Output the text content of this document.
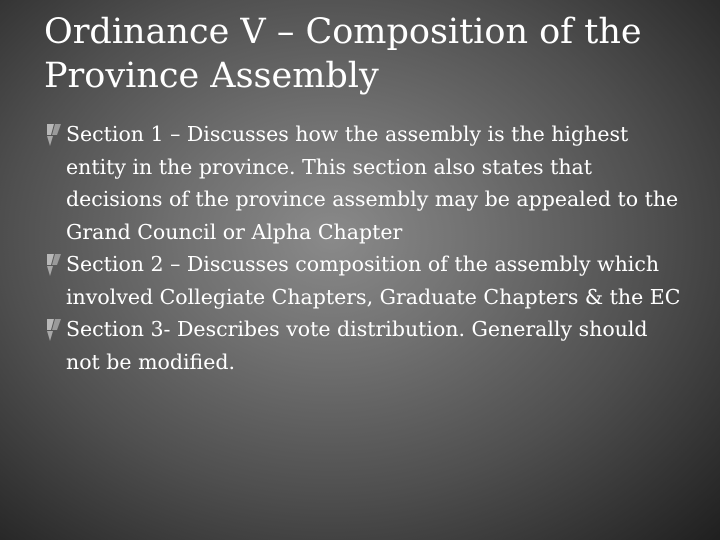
Ordinance V – Composition of the Province Assembly
Section 1 – Discusses how the assembly is the highest entity in the province. This section also states that decisions of the province assembly may be appealed to the Grand Council or Alpha Chapter
Section 2 – Discusses composition of the assembly which involved Collegiate Chapters, Graduate Chapters & the EC
Section 3- Describes vote distribution. Generally should not be modified.
